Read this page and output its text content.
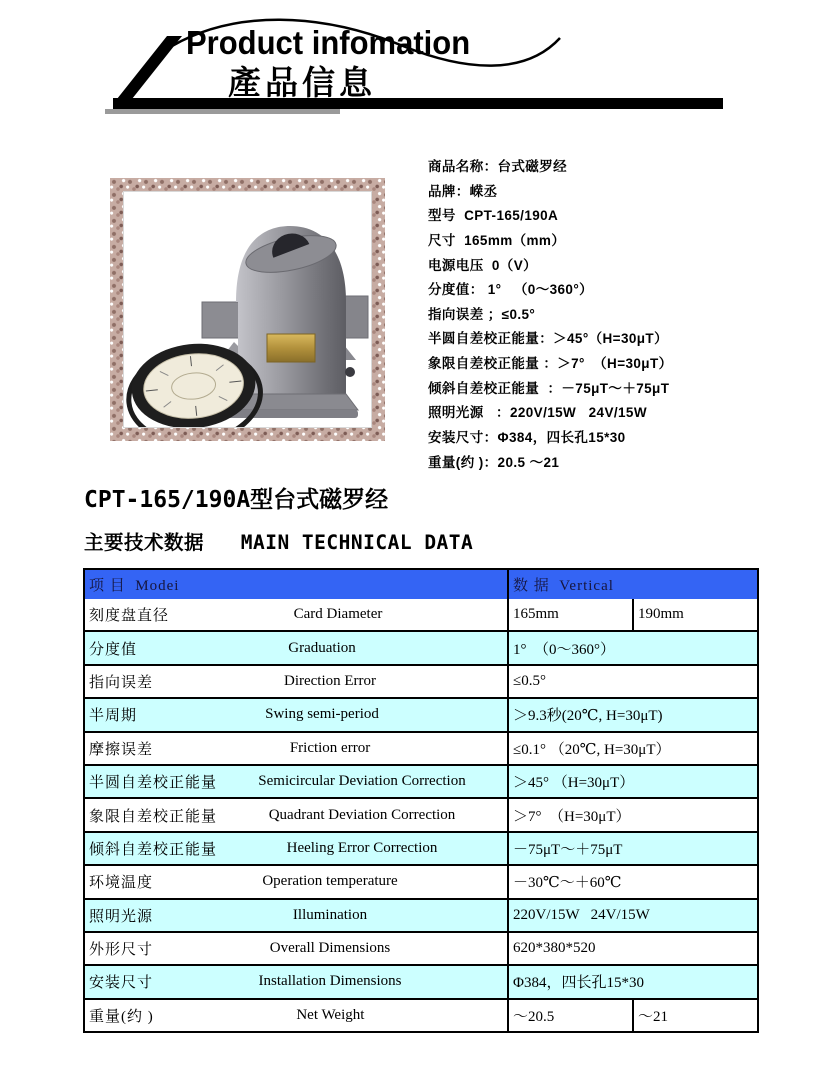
Product infomation
產品信息
商品名称：台式磁罗经
品牌：嵘丞
型号  CPT-165/190A
尺寸  165mm（mm）
电源电压  0（V）
分度值： 1°   （0～360°）
指向误差 ；≤0.5°
半圆自差校正能量：＞45°（H=30μT）
象限自差校正能量 ：＞7°  （H=30μT）
倾斜自差校正能量  ：－75μT～＋75μT
照明光源   ：220V/15W   24V/15W
安装尺寸：Φ384，四长孔15*30
重量(约 )：20.5 ～21
CPT-165/190A型台式磁罗经
主要技术数据   MAIN TECHNICAL DATA
项 目  Modei	数 据  Vertical
刻度盘直径	Card Diameter	165mm	190mm
分度值	Graduation	1°  （0～360°）
指向误差	Direction Error	≤0.5°
半周期	Swing semi-period	＞9.3秒(20℃, H=30μT)
摩擦误差	Friction error	≤0.1° （20℃, H=30μT）
半圆自差校正能量	Semicircular Deviation Correction	＞45° （H=30μT）
象限自差校正能量	Quadrant Deviation Correction	＞7°  （H=30μT）
倾斜自差校正能量	Heeling Error Correction	－75μT～＋75μT
环境温度	Operation temperature	－30℃～＋60℃
照明光源	Illumination	220V/15W   24V/15W
外形尺寸	Overall Dimensions	620*380*520
安装尺寸	Installation Dimensions	Φ384，四长孔15*30
重量(约 )	Net Weight	～20.5	～21
